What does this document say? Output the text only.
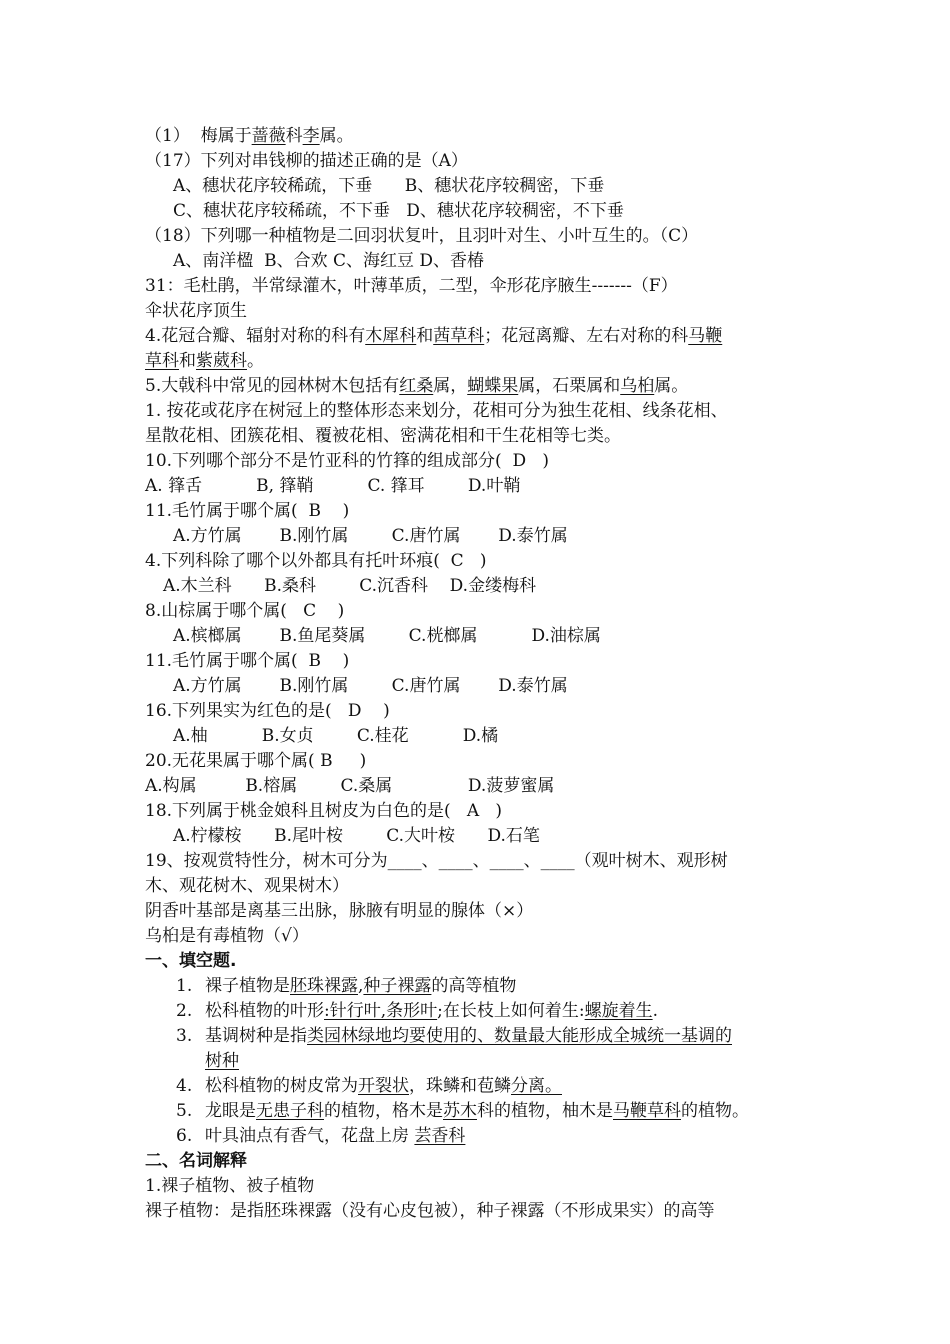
（1）  梅属于蔷薇科李属。
（17）下列对串钱柳的描述正确的是（A）
A、穗状花序较稀疏，下垂      B、穗状花序较稠密，下垂
C、穗状花序较稀疏，不下垂   D、穗状花序较稠密，不下垂
（18）下列哪一种植物是二回羽状复叶，且羽叶对生、小叶互生的。（C）
A、南洋楹  B、合欢 C、海红豆 D、香椿
31：毛杜鹃，半常绿灌木，叶薄革质，二型，伞形花序腋生-------（F）
伞状花序顶生
4.花冠合瓣、辐射对称的科有木犀科和茜草科；花冠离瓣、左右对称的科马鞭
草科和紫葳科。
5.大戟科中常见的园林树木包括有红桑属，蝴蝶果属，石栗属和乌桕属。
1. 按花或花序在树冠上的整体形态来划分，花相可分为独生花相、线条花相、
星散花相、团簇花相、覆被花相、密满花相和干生花相等七类。
10.下列哪个部分不是竹亚科的竹箨的组成部分(  D   )
A. 箨舌          B, 箨鞘          C. 箨耳        D.叶鞘
11.毛竹属于哪个属(  B    )
A.方竹属       B.刚竹属        C.唐竹属       D.泰竹属
4.下列科除了哪个以外都具有托叶环痕(  C   )
A.木兰科      B.桑科        C.沉香科    D.金缕梅科
8.山棕属于哪个属(   C    )
A.槟榔属       B.鱼尾葵属        C.桄榔属          D.油棕属
11.毛竹属于哪个属(  B    )
A.方竹属       B.刚竹属        C.唐竹属       D.泰竹属
16.下列果实为红色的是(   D    )
A.柚          B.女贞        C.桂花          D.橘
20.无花果属于哪个属( B     )
A.构属         B.榕属        C.桑属              D.菠萝蜜属
18.下列属于桃金娘科且树皮为白色的是(   A   )
A.柠檬桉      B.尾叶桉        C.大叶桉      D.石笔
19、按观赏特性分，树木可分为____、____、____、____（观叶树木、观形树
木、观花树木、观果树木）
阴香叶基部是离基三出脉，脉腋有明显的腺体（×）
乌桕是有毒植物（√）
一、填空题.
1. 裸子植物是胚珠裸露,种子裸露的高等植物
2. 松科植物的叶形:针行叶,条形叶;在长枝上如何着生:螺旋着生.
3. 基调树种是指类园林绿地均要使用的、数量最大能形成全城统一基调的
树种
4. 松科植物的树皮常为开裂状，珠鳞和苞鳞分离。
5. 龙眼是无患子科的植物，格木是苏木科的植物，柚木是马鞭草科的植物。
6. 叶具油点有香气，花盘上房 芸香科
二、名词解释
1.裸子植物、被子植物
裸子植物：是指胚珠裸露（没有心皮包被），种子裸露（不形成果实）的高等
